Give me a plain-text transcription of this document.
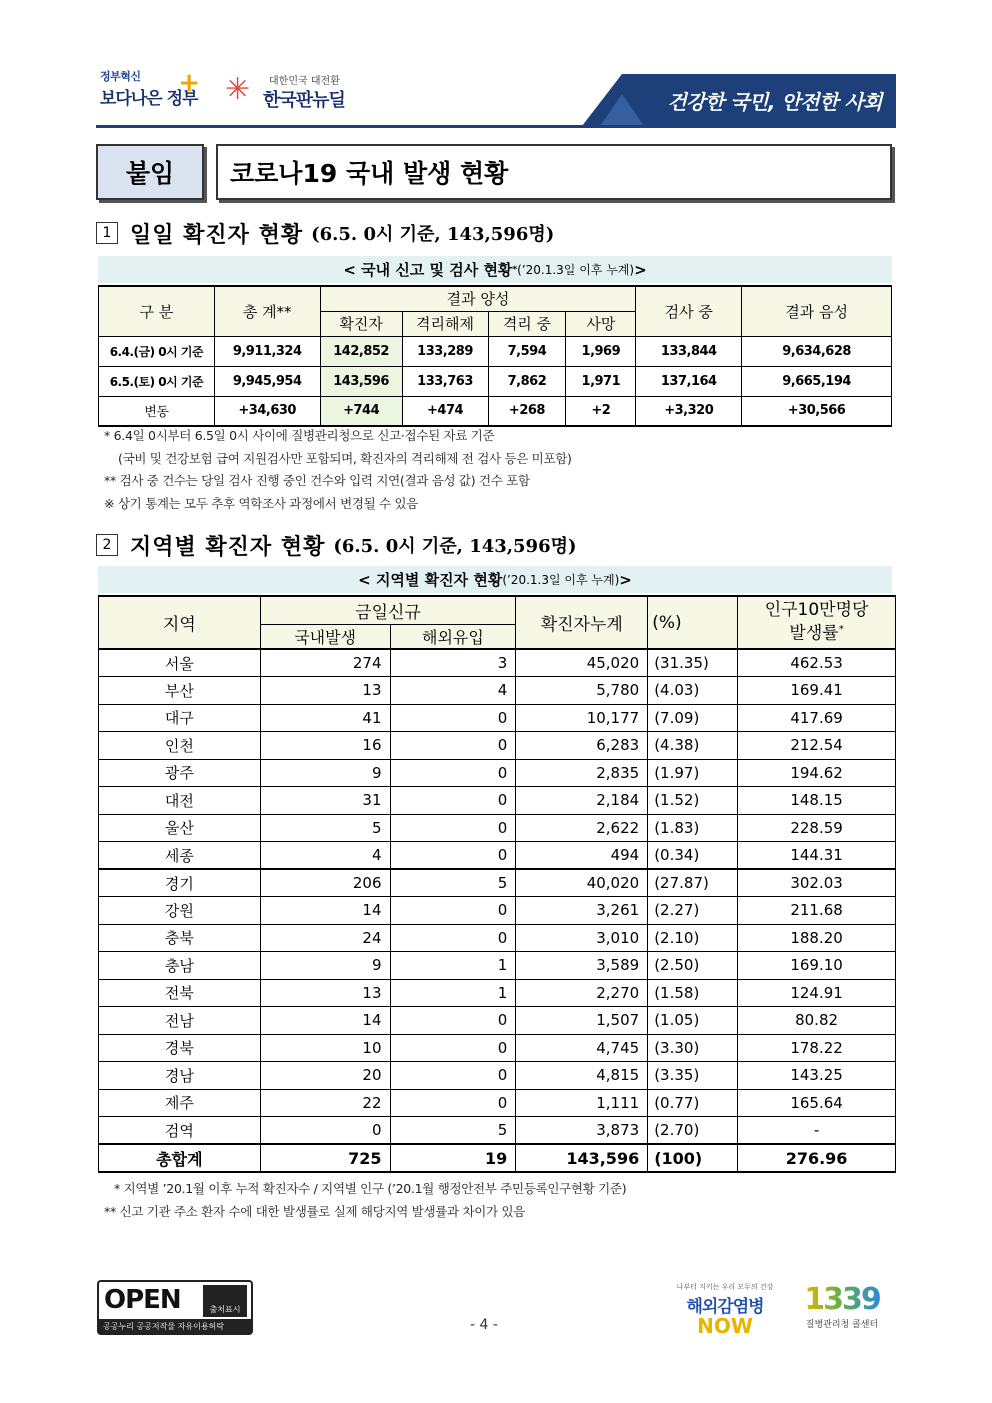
정부혁신
보다나은 정부
+ ✳ 대한민국 대전환
한국판뉴딜	건강한 국민, 안전한 사회
붙임	코로나19 국내 발생 현황
1 일일 확진자 현황 (6.5. 0시 기준, 143,596명)
< 국내 신고 및 검사 현황 * (’20.1.3일 이후 누계) >
구 분	총 계**	결과 양성				검사 중	결과 음성
		확진자	격리해제	격리 중	사망		
6.4.(금) 0시 기준	9,911,324	142,852	133,289	7,594	1,969	133,844	9,634,628
6.5.(토) 0시 기준	9,945,954	143,596	133,763	7,862	1,971	137,164	9,665,194
변동	+34,630	+744	+474	+268	+2	+3,320	+30,566
* 6.4일 0시부터 6.5일 0시 사이에 질병관리청으로 신고·접수된 자료 기준
(국비 및 건강보험 급여 지원검사만 포함되며, 확진자의 격리해제 전 검사 등은 미포함)
** 검사 중 건수는 당일 검사 진행 중인 건수와 입력 지연(결과 음성 값) 건수 포함
※ 상기 통계는 모두 추후 역학조사 과정에서 변경될 수 있음
2 지역별 확진자 현황 (6.5. 0시 기준, 143,596명)
< 지역별 확진자 현황 (’20.1.3일 이후 누계) >
지역	금일신규		확진자누계	(%)	인구10만명당
발생률*

	국내발생	해외유입			
서울	274	3	45,020	(31.35)	462.53
부산	13	4	5,780	(4.03)	169.41
대구	41	0	10,177	(7.09)	417.69
인천	16	0	6,283	(4.38)	212.54
광주	9	0	2,835	(1.97)	194.62
대전	31	0	2,184	(1.52)	148.15
울산	5	0	2,622	(1.83)	228.59
세종	4	0	494	(0.34)	144.31
경기	206	5	40,020	(27.87)	302.03
강원	14	0	3,261	(2.27)	211.68
충북	24	0	3,010	(2.10)	188.20
충남	9	1	3,589	(2.50)	169.10
전북	13	1	2,270	(1.58)	124.91
전남	14	0	1,507	(1.05)	80.82
경북	10	0	4,745	(3.30)	178.22
경남	20	0	4,815	(3.35)	143.25
제주	22	0	1,111	(0.77)	165.64
검역	0	5	3,873	(2.70)	-
총합계	725	19	143,596	(100)	276.96
* 지역별 ’20.1월 이후 누적 확진자수 / 지역별 인구 (’20.1월 행정안전부 주민등록인구현황 기준)
** 신고 기관 주소 환자 수에 대한 발생률로 실제 해당지역 발생률과 차이가 있음
OPEN	출처표시
공공누리 공공저작물 자유이용허락	- 4 -
나부터 지키는 우리 모두의 건강
해외감염병
NOW
1339
질병관리청 콜센터
